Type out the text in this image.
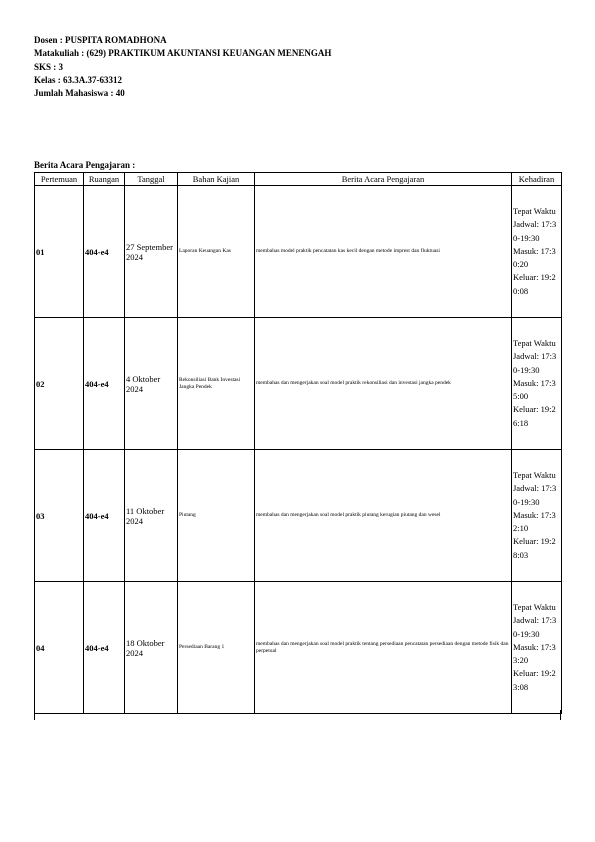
Dosen : PUSPITA ROMADHONA
Matakuliah : (629) PRAKTIKUM AKUNTANSI KEUANGAN MENENGAH
SKS : 3
Kelas : 63.3A.37-63312
Jumlah Mahasiswa : 40
Berita Acara Pengajaran :
Pertemuan	Ruangan	Tanggal	Bahan Kajian	Berita Acara Pengajaran	Kehadiran
01	404-e4	27 September 2024	Laporan Keuangan Kas	membahas model praktik pencatatan kas kecil dengan metode imprest dan fluktuasi	Tepat Waktu
Jadwal: 17:30-19:30
Masuk: 17:30:20
Keluar: 19:20:08

02	404-e4	4 Oktober 2024	Rekonsiliasi Bank Investasi Jangka Pendek	membahas dan mengerjakan soal model praktik rekonsiliasi dan investasi jangka pendek	Tepat Waktu
Jadwal: 17:30-19:30
Masuk: 17:35:00
Keluar: 19:26:18

03	404-e4	11 Oktober 2024	Piutang	membahas dan mengerjakan soal model praktik piutang kerugian piutang dan wesel	Tepat Waktu
Jadwal: 17:30-19:30
Masuk: 17:32:10
Keluar: 19:28:03

04	404-e4	18 Oktober 2024	Persediaan Barang 1	membahas dan mengerjakan soal model praktik tentang persediaan pencatatan persediaan dengan metode fisik dan perpetual	Tepat Waktu
Jadwal: 17:30-19:30
Masuk: 17:33:20
Keluar: 19:23:08
